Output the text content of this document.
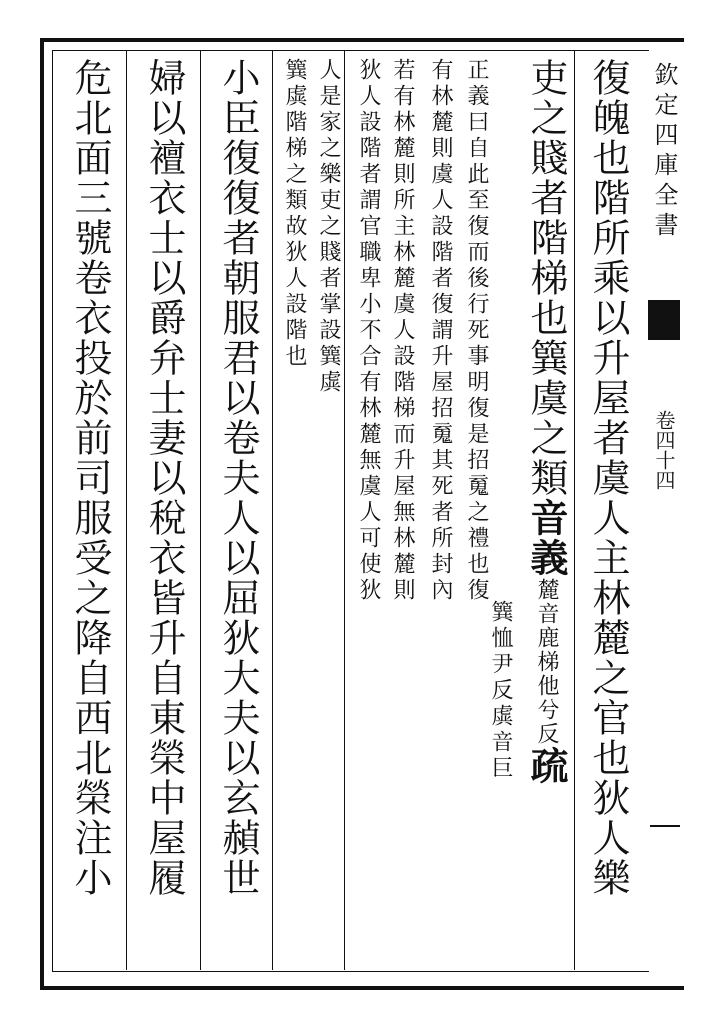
欽定四庫全書
卷四十四
復魄也階所乘以升屋者虞人主林麓之官也狄人樂
吏之賤者階梯也簨虞之類音義麓音鹿梯他兮反疏
簨恤尹反虡音巨
正義曰自此至復而後行死事明復是招䰟之禮也復
有林麓則虞人設階者復謂升屋招䰟其死者所封內
若有林麓則所主林麓虞人設階梯而升屋無林麓則
狄人設階者謂官職卑小不合有林麓無虞人可使狄
人是家之樂吏之賤者掌設簨虡
簨虡階梯之類故狄人設階也
小臣復復者朝服君以卷夫人以屈狄大夫以玄赬世
婦以襢衣士以爵弁士妻以稅衣皆升自東榮中屋履
危北面三號卷衣投於前司服受之降自西北榮注小
